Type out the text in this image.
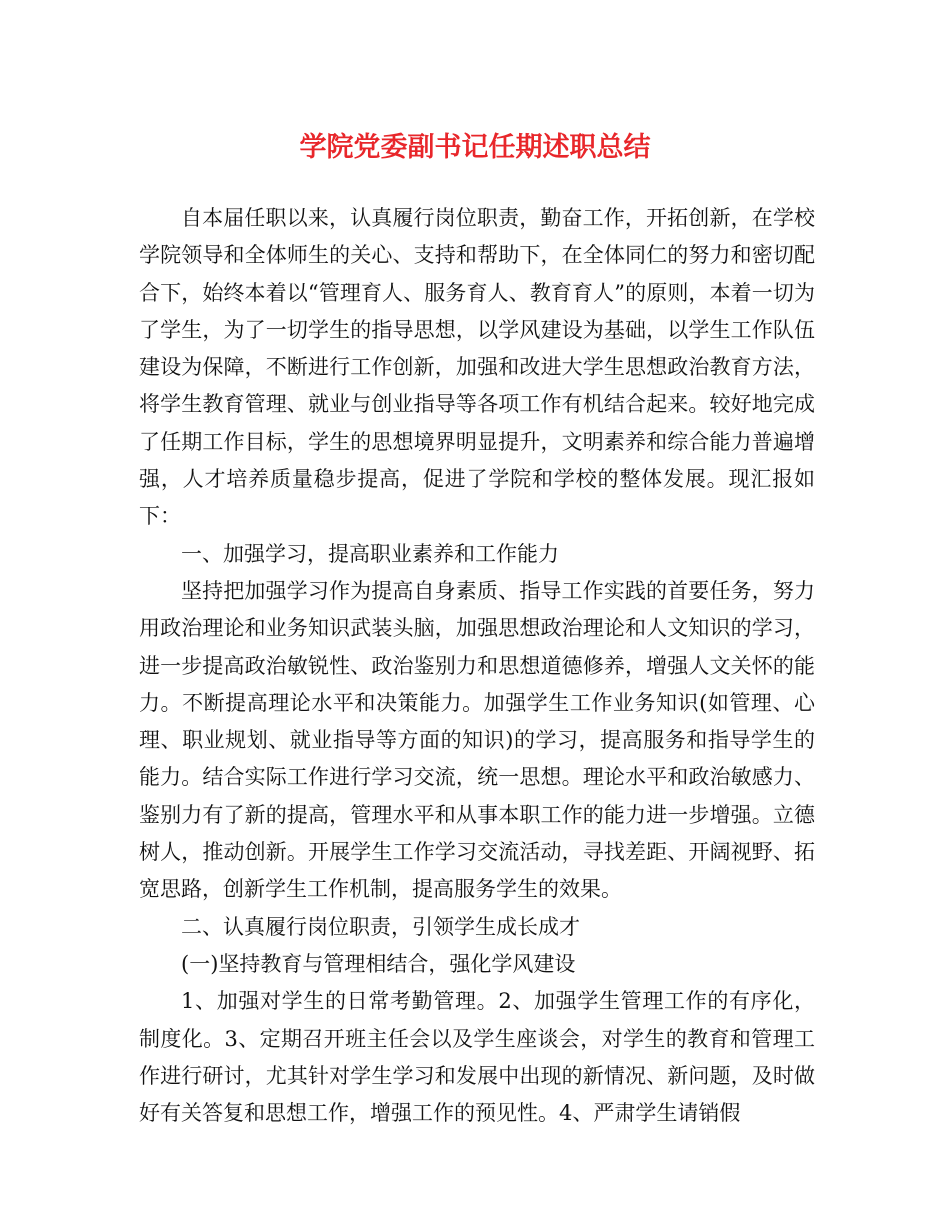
学院党委副书记任期述职总结

自本届任职以来，认真履行岗位职责，勤奋工作，开拓创新，在学校学院领导和全体师生的关心、支持和帮助下，在全体同仁的努力和密切配合下，始终本着以“管理育人、服务育人、教育育人”的原则，本着一切为了学生，为了一切学生的指导思想，以学风建设为基础，以学生工作队伍建设为保障，不断进行工作创新，加强和改进大学生思想政治教育方法，将学生教育管理、就业与创业指导等各项工作有机结合起来。较好地完成了任期工作目标，学生的思想境界明显提升，文明素养和综合能力普遍增强，人才培养质量稳步提高，促进了学院和学校的整体发展。现汇报如下：

一、加强学习，提高职业素养和工作能力

坚持把加强学习作为提高自身素质、指导工作实践的首要任务，努力用政治理论和业务知识武装头脑，加强思想政治理论和人文知识的学习，进一步提高政治敏锐性、政治鉴别力和思想道德修养，增强人文关怀的能力。不断提高理论水平和决策能力。加强学生工作业务知识(如管理、心理、职业规划、就业指导等方面的知识)的学习，提高服务和指导学生的能力。结合实际工作进行学习交流，统一思想。理论水平和政治敏感力、鉴别力有了新的提高，管理水平和从事本职工作的能力进一步增强。立德树人，推动创新。开展学生工作学习交流活动，寻找差距、开阔视野、拓宽思路，创新学生工作机制，提高服务学生的效果。

二、认真履行岗位职责，引领学生成长成才

(一)坚持教育与管理相结合，强化学风建设

1、加强对学生的日常考勤管理。2、加强学生管理工作的有序化，制度化。3、定期召开班主任会以及学生座谈会，对学生的教育和管理工作进行研讨，尤其针对学生学习和发展中出现的新情况、新问题，及时做好有关答复和思想工作，增强工作的预见性。4、严肃学生请销假
